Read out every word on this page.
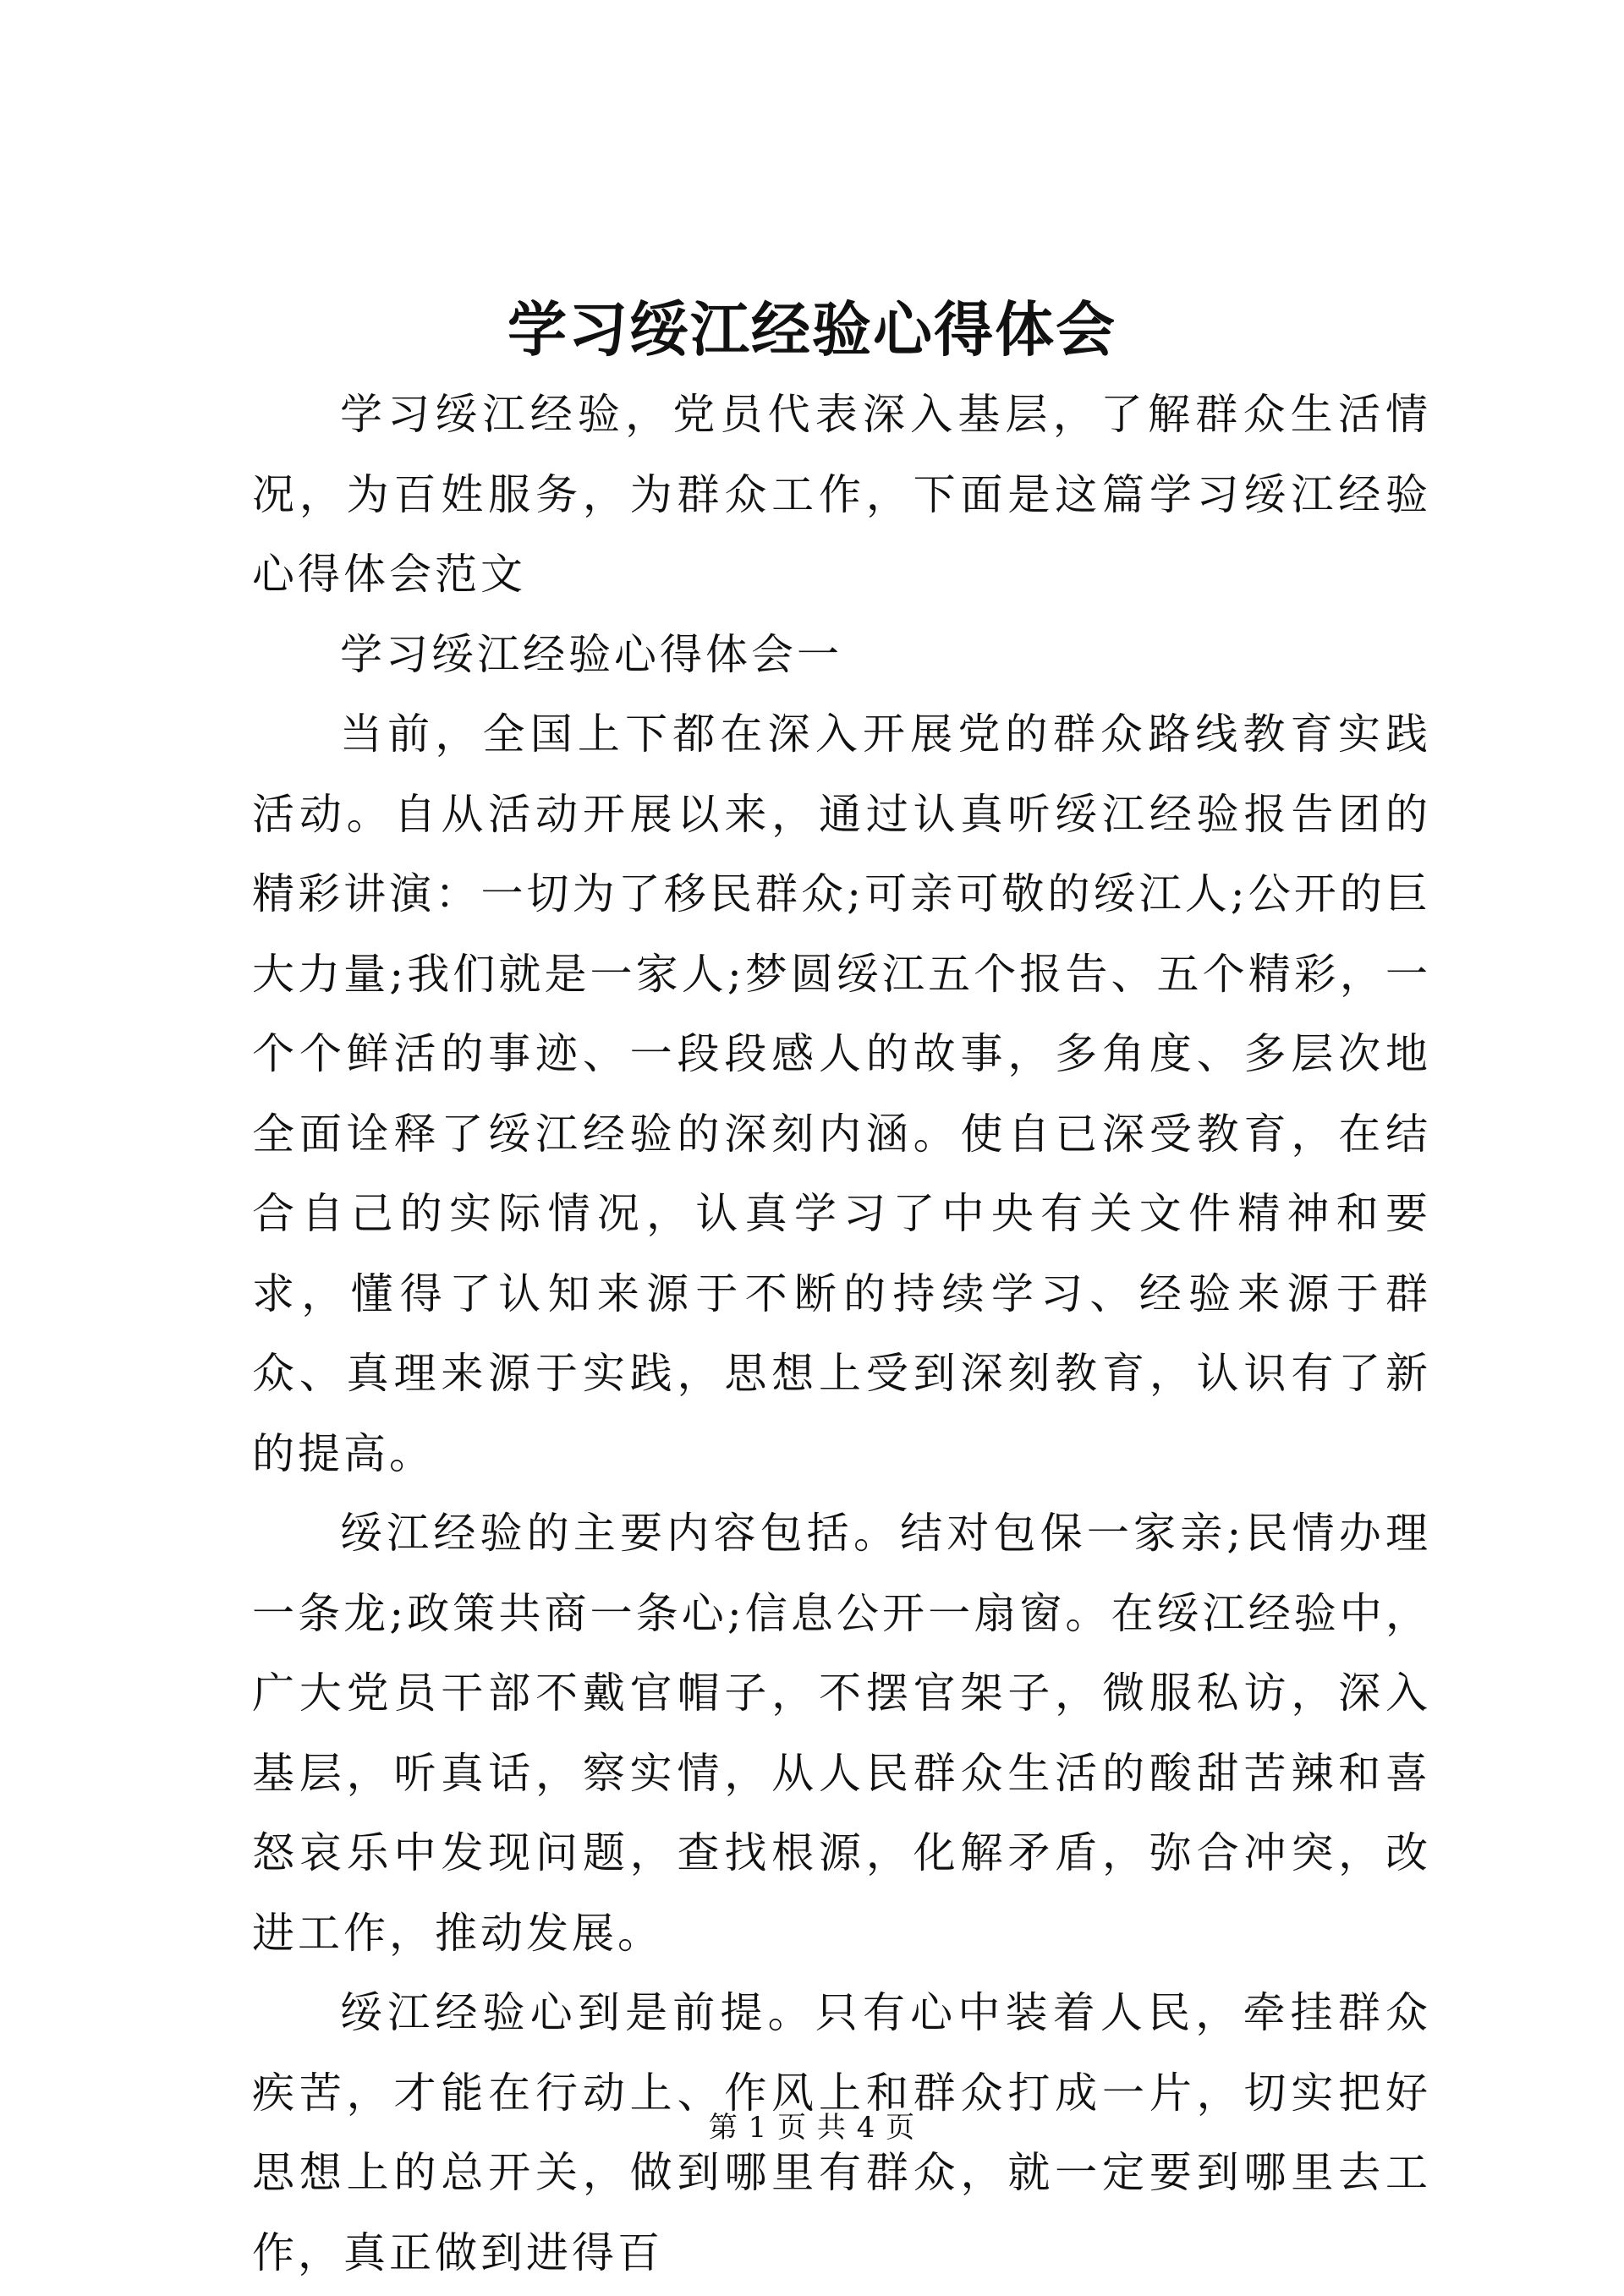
学习绥江经验心得体会

学习绥江经验，党员代表深入基层，了解群众生活情况，为百姓服务，为群众工作，下面是这篇学习绥江经验心得体会范文

学习绥江经验心得体会一

当前，全国上下都在深入开展党的群众路线教育实践活动。自从活动开展以来，通过认真听绥江经验报告团的精彩讲演：一切为了移民群众;可亲可敬的绥江人;公开的巨大力量;我们就是一家人;梦圆绥江五个报告、五个精彩，一个个鲜活的事迹、一段段感人的故事，多角度、多层次地全面诠释了绥江经验的深刻内涵。使自已深受教育，在结合自己的实际情况，认真学习了中央有关文件精神和要求，懂得了认知来源于不断的持续学习、经验来源于群众、真理来源于实践，思想上受到深刻教育，认识有了新的提高。

绥江经验的主要内容包括。结对包保一家亲;民情办理一条龙;政策共商一条心;信息公开一扇窗。在绥江经验中，广大党员干部不戴官帽子，不摆官架子，微服私访，深入基层，听真话，察实情，从人民群众生活的酸甜苦辣和喜怒哀乐中发现问题，查找根源，化解矛盾，弥合冲突，改进工作，推动发展。

绥江经验心到是前提。只有心中装着人民，牵挂群众疾苦，才能在行动上、作风上和群众打成一片，切实把好思想上的总开关，做到哪里有群众，就一定要到哪里去工作，真正做到进得百

第 1 页 共 4 页
